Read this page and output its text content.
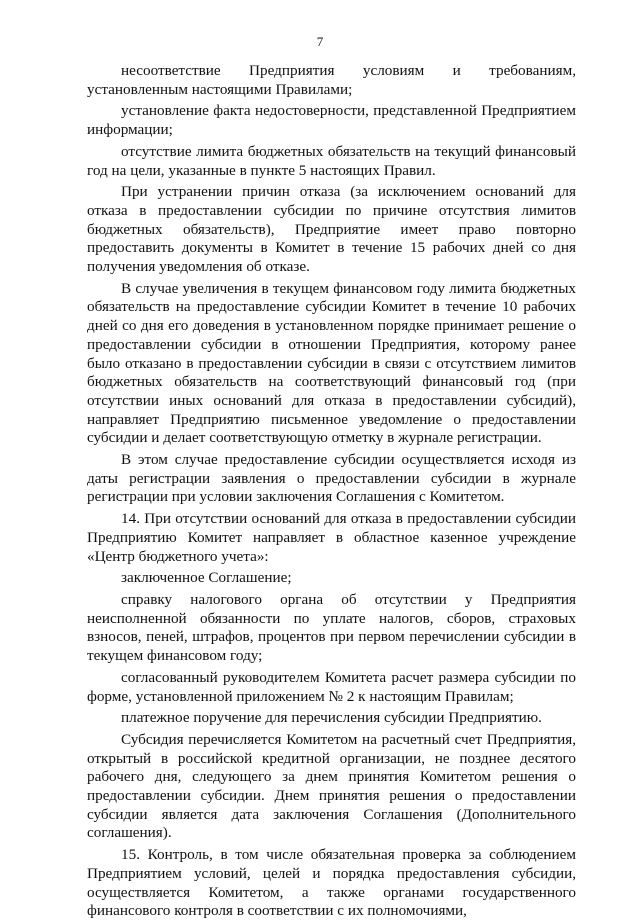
7

несоответствие Предприятия условиям и требованиям, установленным настоящими Правилами;

установление факта недостоверности, представленной Предприятием информации;

отсутствие лимита бюджетных обязательств на текущий финансовый год на цели, указанные в пункте 5 настоящих Правил.

При устранении причин отказа (за исключением оснований для отказа в предоставлении субсидии по причине отсутствия лимитов бюджетных обязательств), Предприятие имеет право повторно предоставить документы в Комитет в течение 15 рабочих дней со дня получения уведомления об отказе.

В случае увеличения в текущем финансовом году лимита бюджетных обязательств на предоставление субсидии Комитет в течение 10 рабочих дней со дня его доведения в установленном порядке принимает решение о предоставлении субсидии в отношении Предприятия, которому ранее было отказано в предоставлении субсидии в связи с отсутствием лимитов бюджетных обязательств на соответствующий финансовый год (при отсутствии иных оснований для отказа в предоставлении субсидий), направляет Предприятию письменное уведомление о предоставлении субсидии и делает соответствующую отметку в журнале регистрации.

В этом случае предоставление субсидии осуществляется исходя из даты регистрации заявления о предоставлении субсидии в журнале регистрации при условии заключения Соглашения с Комитетом.

14. При отсутствии оснований для отказа в предоставлении субсидии Предприятию Комитет направляет в областное казенное учреждение «Центр бюджетного учета»:

заключенное Соглашение;

справку налогового органа об отсутствии у Предприятия неисполненной обязанности по уплате налогов, сборов, страховых взносов, пеней, штрафов, процентов при первом перечислении субсидии в текущем финансовом году;

согласованный руководителем Комитета расчет размера субсидии по форме, установленной приложением № 2 к настоящим Правилам;

платежное поручение для перечисления субсидии Предприятию.

Субсидия перечисляется Комитетом на расчетный счет Предприятия, открытый в российской кредитной организации, не позднее десятого рабочего дня, следующего за днем принятия Комитетом решения о предоставлении субсидии. Днем принятия решения о предоставлении субсидии является дата заключения Соглашения (Дополнительного соглашения).

15. Контроль, в том числе обязательная проверка за соблюдением Предприятием условий, целей и порядка предоставления субсидии, осуществляется Комитетом, а также органами государственного финансового контроля в соответствии с их полномочиями,
